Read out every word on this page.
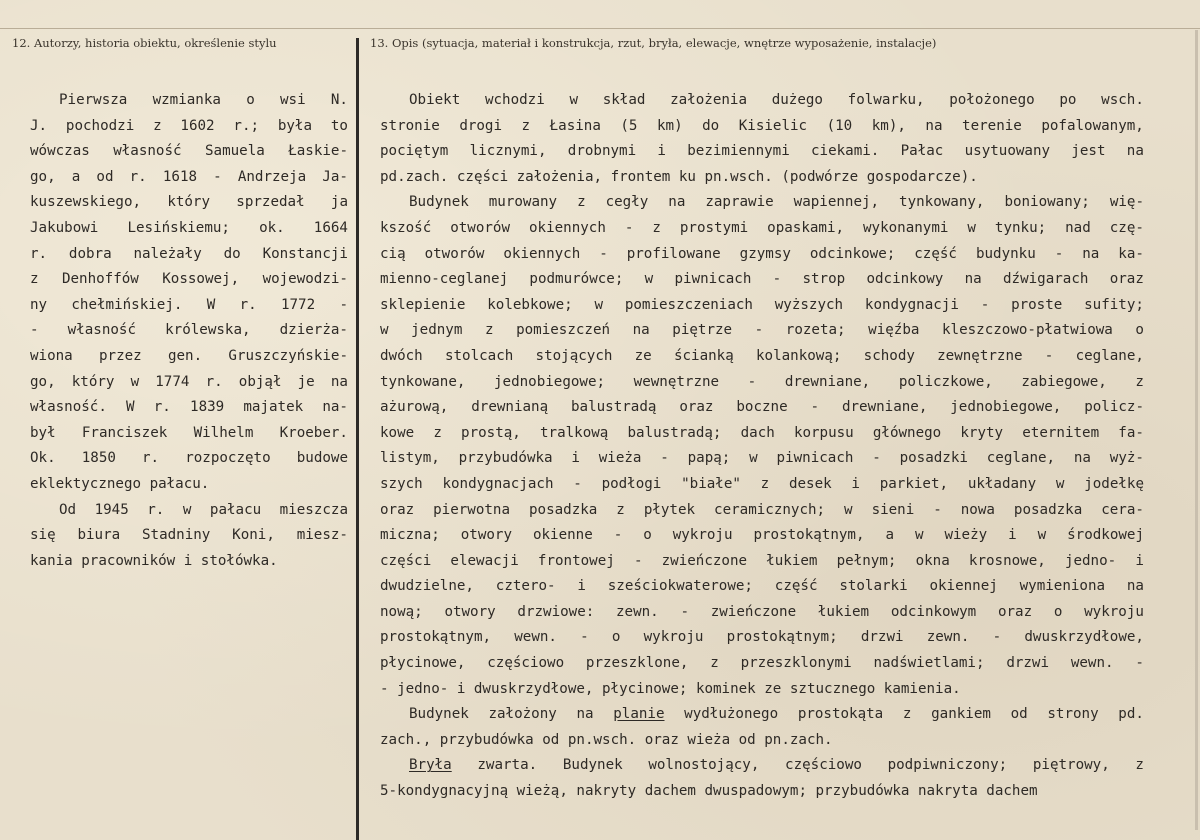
12. Autorzy, historia obiektu, określenie stylu	13. Opis (sytuacja, materiał i konstrukcja, rzut, bryła, elewacje, wnętrze wyposażenie, instalacje)
Pierwsza wzmianka o wsi N.
J. pochodzi z 1602 r.; była to
wówczas własność Samuela Łaskie-
go, a od r. 1618 - Andrzeja Ja-
kuszewskiego, który sprzedał ja
Jakubowi Lesińskiemu; ok. 1664
r. dobra należały do Konstancji
z Denhoffów Kossowej, wojewodzi-
ny chełmińskiej. W r. 1772 -
- własność królewska, dzierża-
wiona przez gen. Gruszczyńskie-
go, który w 1774 r. objął je na
własność. W r. 1839 majatek na-
był Franciszek Wilhelm Kroeber.
Ok. 1850 r. rozpoczęto budowe
eklektycznego pałacu.
Od 1945 r. w pałacu mieszcza
się biura Stadniny Koni, miesz-
kania pracowników i stołówka.
Obiekt wchodzi w skład założenia dużego folwarku, położonego po wsch.
stronie drogi z Łasina (5 km) do Kisielic (10 km), na terenie pofalowanym,
pociętym licznymi, drobnymi i bezimiennymi ciekami. Pałac usytuowany jest na
pd.zach. części założenia, frontem ku pn.wsch. (podwórze gospodarcze).
Budynek murowany z cegły na zaprawie wapiennej, tynkowany, boniowany; wię-
kszość otworów okiennych - z prostymi opaskami, wykonanymi w tynku; nad czę-
cią otworów okiennych - profilowane gzymsy odcinkowe; część budynku - na ka-
mienno-ceglanej podmurówce; w piwnicach - strop odcinkowy na dźwigarach oraz
sklepienie kolebkowe; w pomieszczeniach wyższych kondygnacji - proste sufity;
w jednym z pomieszczeń na piętrze - rozeta; więźba kleszczowo-płatwiowa o
dwóch stolcach stojących ze ścianką kolankową; schody zewnętrzne - ceglane,
tynkowane, jednobiegowe; wewnętrzne - drewniane, policzkowe, zabiegowe, z
ażurową, drewnianą balustradą oraz boczne - drewniane, jednobiegowe, policz-
kowe z prostą, tralkową balustradą; dach korpusu głównego kryty eternitem fa-
listym, przybudówka i wieża - papą; w piwnicach - posadzki ceglane, na wyż-
szych kondygnacjach - podłogi "białe" z desek i parkiet, układany w jodełkę
oraz pierwotna posadzka z płytek ceramicznych; w sieni - nowa posadzka cera-
miczna; otwory okienne - o wykroju prostokątnym, a w wieży i w środkowej
części elewacji frontowej - zwieńczone łukiem pełnym; okna krosnowe, jedno- i
dwudzielne, cztero- i sześciokwaterowe; część stolarki okiennej wymieniona na
nową; otwory drzwiowe: zewn. - zwieńczone łukiem odcinkowym oraz o wykroju
prostokątnym, wewn. - o wykroju prostokątnym; drzwi zewn. - dwuskrzydłowe,
płycinowe, częściowo przeszklone, z przeszklonymi nadświetlami; drzwi wewn. -
- jedno- i dwuskrzydłowe, płycinowe; kominek ze sztucznego kamienia.
Budynek założony na planie wydłużonego prostokąta z gankiem od strony pd.
zach., przybudówka od pn.wsch. oraz wieża od pn.zach.
Bryła zwarta. Budynek wolnostojący, częściowo podpiwniczony; piętrowy, z
5-kondygnacyjną wieżą, nakryty dachem dwuspadowym; przybudówka nakryta dachem
